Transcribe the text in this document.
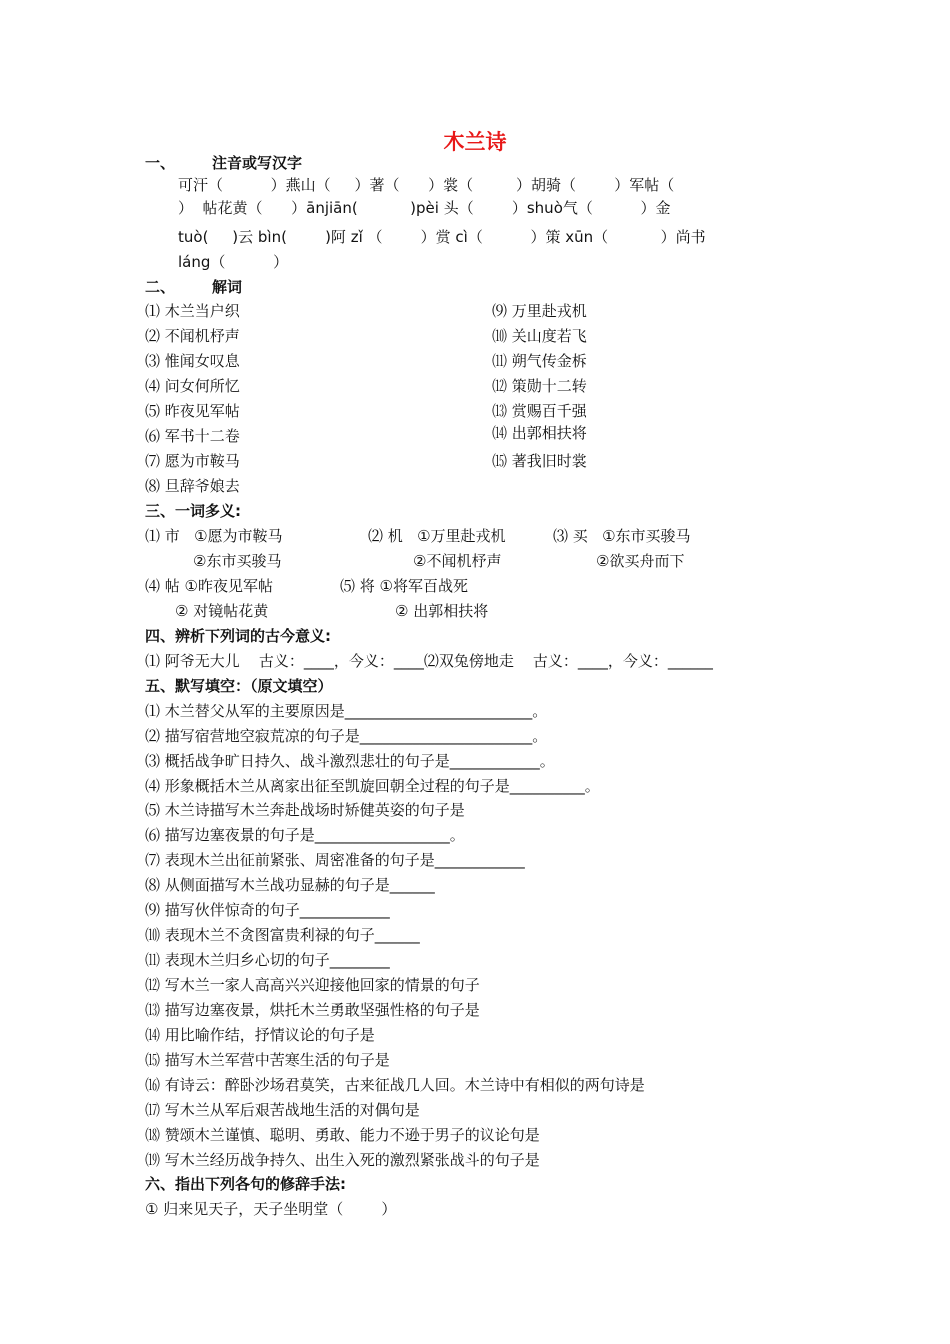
木兰诗
一、 注音或写汉字
可汗（          ）燕山（     ）著（      ）裳（         ）胡骑（        ）军帖（
）  帖花黄（      ）ānjiān(           )pèi 头（        ）shuò气（          ）金
tuò(     )云 bìn(        )阿 zǐ （        ）赏 cì（          ）策 xūn（           ）尚书
láng（          ）
二、 解词
⑴ 木兰当户织
⑵ 不闻机杼声
⑶ 惟闻女叹息
⑷ 问女何所忆
⑸ 昨夜见军帖
⑹ 军书十二卷
⑺ 愿为市鞍马
⑻ 旦辞爷娘去
⑼ 万里赴戎机
⑽ 关山度若飞
⑾ 朔气传金柝
⑿ 策勋十二转
⒀ 赏赐百千强
⒁ 出郭相扶将
⒂ 著我旧时裳
三、一词多义:
⑴ 市   ①愿为市鞍马	⑵ 机   ①万里赴戎机	⑶ 买   ①东市买骏马
②东市买骏马	②不闻机杼声	②欲买舟而下
⑷ 帖 ①昨夜见军帖	⑸ 将 ①将军百战死
② 对镜帖花黄	② 出郭相扶将
四、辨析下列词的古今意义:
⑴ 阿爷无大儿    古义：____，今义：____⑵双兔傍地走    古义：____，今义：______
五、默写填空：（原文填空）
⑴ 木兰替父从军的主要原因是_________________________。
⑵ 描写宿营地空寂荒凉的句子是_______________________。
⑶ 概括战争旷日持久、战斗激烈悲壮的句子是____________。
⑷ 形象概括木兰从离家出征至凯旋回朝全过程的句子是__________。
⑸ 木兰诗描写木兰奔赴战场时矫健英姿的句子是
⑹ 描写边塞夜景的句子是__________________。
⑺ 表现木兰出征前紧张、周密准备的句子是____________
⑻ 从侧面描写木兰战功显赫的句子是______
⑼ 描写伙伴惊奇的句子____________
⑽ 表现木兰不贪图富贵利禄的句子______
⑾ 表现木兰归乡心切的句子________
⑿ 写木兰一家人高高兴兴迎接他回家的情景的句子
⒀ 描写边塞夜景，烘托木兰勇敢坚强性格的句子是
⒁ 用比喻作结，抒情议论的句子是
⒂ 描写木兰军营中苦寒生活的句子是
⒃ 有诗云：醉卧沙场君莫笑，古来征战几人回。木兰诗中有相似的两句诗是
⒄ 写木兰从军后艰苦战地生活的对偶句是
⒅ 赞颂木兰谨慎、聪明、勇敢、能力不逊于男子的议论句是
⒆ 写木兰经历战争持久、出生入死的激烈紧张战斗的句子是
六、指出下列各句的修辞手法:
① 归来见天子，天子坐明堂（        ）
